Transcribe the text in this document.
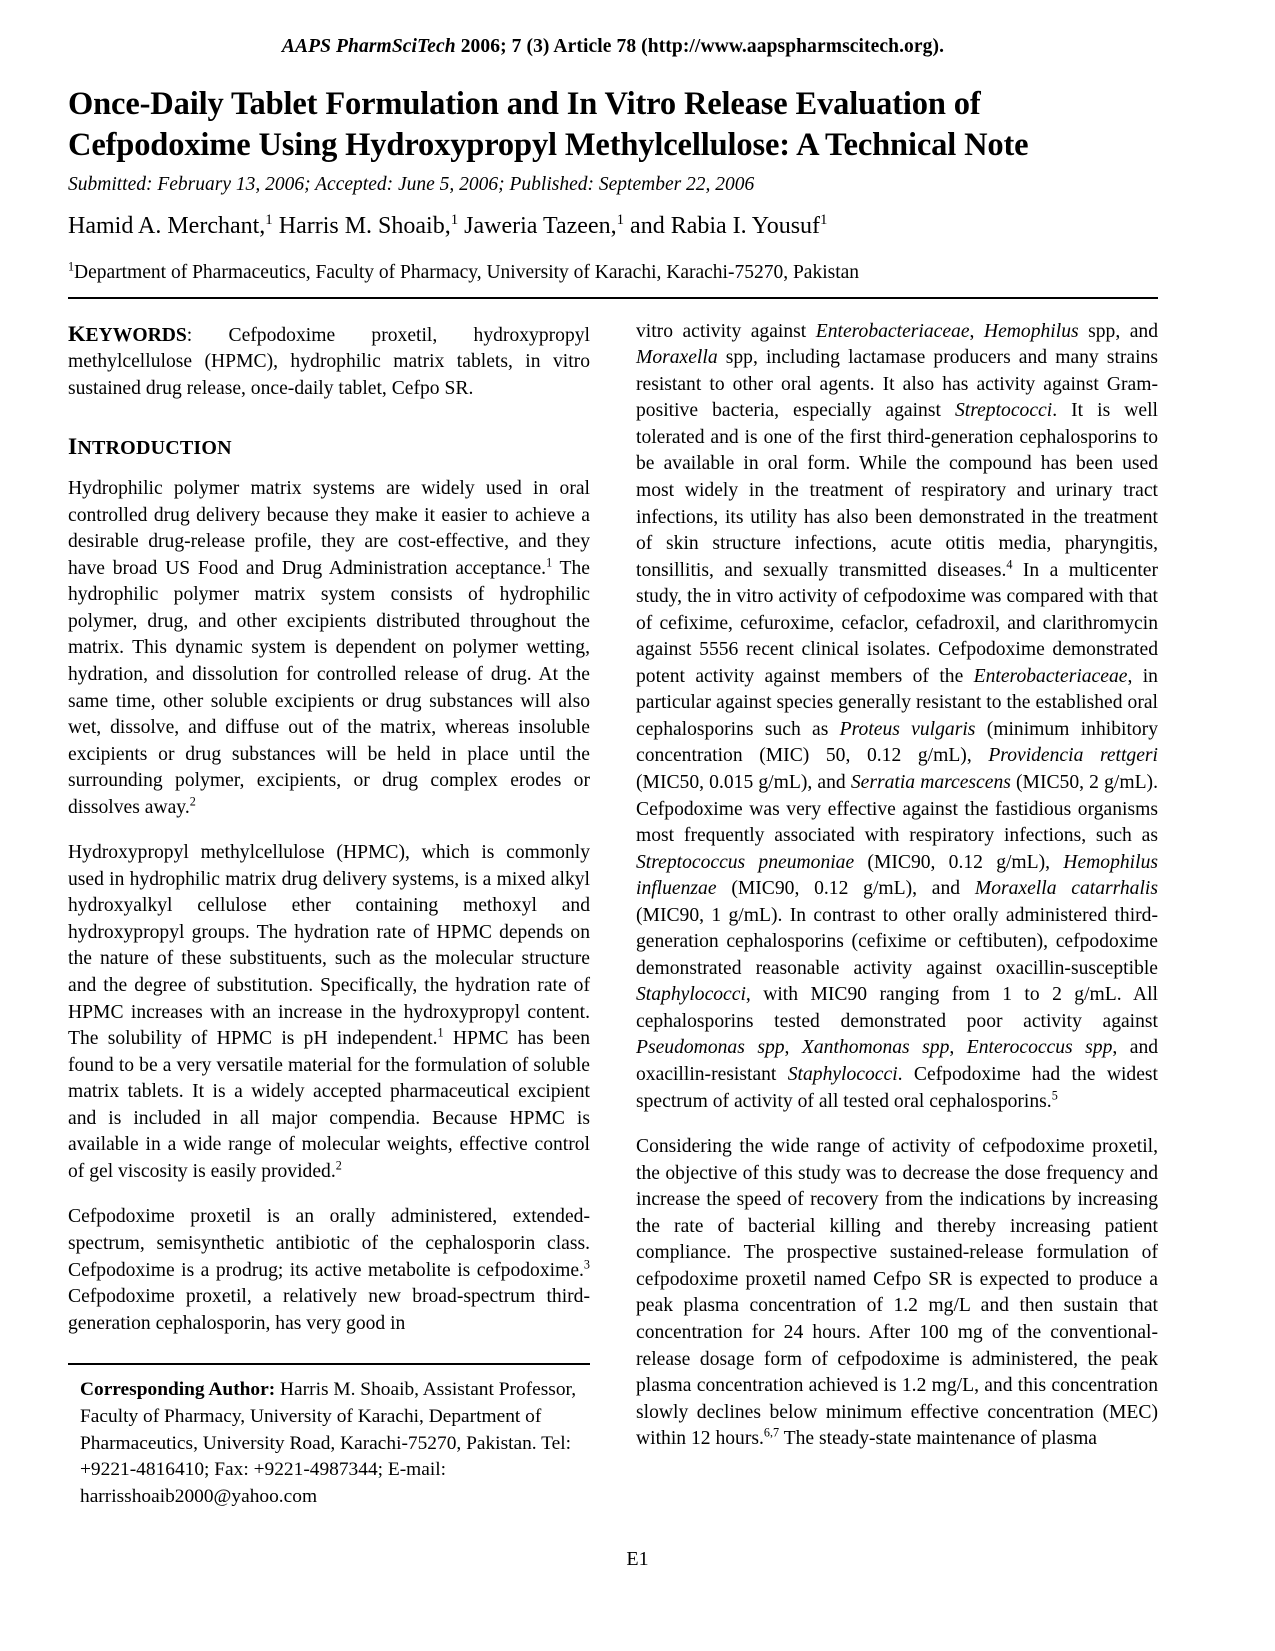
AAPS PharmSciTech 2006; 7 (3) Article 78 (http://www.aapspharmscitech.org).
Once-Daily Tablet Formulation and In Vitro Release Evaluation of Cefpodoxime Using Hydroxypropyl Methylcellulose: A Technical Note
Submitted: February 13, 2006; Accepted: June 5, 2006; Published: September 22, 2006
Hamid A. Merchant,$^1$ Harris M. Shoaib,$^1$ Jaweria Tazeen,$^1$ and Rabia I. Yousuf$^1$
$^1$Department of Pharmaceutics, Faculty of Pharmacy, University of Karachi, Karachi-75270, Pakistan

KEYWORDS: Cefpodoxime proxetil, hydroxypropyl methylcellulose (HPMC), hydrophilic matrix tablets, in vitro sustained drug release, once-daily tablet, Cefpo SR.

INTRODUCTION

Hydrophilic polymer matrix systems are widely used in oral controlled drug delivery because they make it easier to achieve a desirable drug-release profile, they are cost-effective, and they have broad US Food and Drug Administration acceptance.$^1$ The hydrophilic polymer matrix system consists of hydrophilic polymer, drug, and other excipients distributed throughout the matrix. This dynamic system is dependent on polymer wetting, hydration, and dissolution for controlled release of drug. At the same time, other soluble excipients or drug substances will also wet, dissolve, and diffuse out of the matrix, whereas insoluble excipients or drug substances will be held in place until the surrounding polymer, excipients, or drug complex erodes or dissolves away.$^2$

Hydroxypropyl methylcellulose (HPMC), which is commonly used in hydrophilic matrix drug delivery systems, is a mixed alkyl hydroxyalkyl cellulose ether containing methoxyl and hydroxypropyl groups. The hydration rate of HPMC depends on the nature of these substituents, such as the molecular structure and the degree of substitution. Specifically, the hydration rate of HPMC increases with an increase in the hydroxypropyl content. The solubility of HPMC is pH independent.$^1$ HPMC has been found to be a very versatile material for the formulation of soluble matrix tablets. It is a widely accepted pharmaceutical excipient and is included in all major compendia. Because HPMC is available in a wide range of molecular weights, effective control of gel viscosity is easily provided.$^2$

Cefpodoxime proxetil is an orally administered, extended-spectrum, semisynthetic antibiotic of the cephalosporin class. Cefpodoxime is a prodrug; its active metabolite is cefpodoxime.$^3$ Cefpodoxime proxetil, a relatively new broad-spectrum third-generation cephalosporin, has very good in

Corresponding Author: Harris M. Shoaib, Assistant Professor, Faculty of Pharmacy, University of Karachi, Department of Pharmaceutics, University Road, Karachi-75270, Pakistan. Tel: +9221-4816410; Fax: +9221-4987344; E-mail: harrisshoaib2000@yahoo.com

vitro activity against Enterobacteriaceae, Hemophilus spp, and Moraxella spp, including lactamase producers and many strains resistant to other oral agents. It also has activity against Gram-positive bacteria, especially against Streptococci. It is well tolerated and is one of the first third-generation cephalosporins to be available in oral form. While the compound has been used most widely in the treatment of respiratory and urinary tract infections, its utility has also been demonstrated in the treatment of skin structure infections, acute otitis media, pharyngitis, tonsillitis, and sexually transmitted diseases.$^4$ In a multicenter study, the in vitro activity of cefpodoxime was compared with that of cefixime, cefuroxime, cefaclor, cefadroxil, and clarithromycin against 5556 recent clinical isolates. Cefpodoxime demonstrated potent activity against members of the Enterobacteriaceae, in particular against species generally resistant to the established oral cephalosporins such as Proteus vulgaris (minimum inhibitory concentration (MIC) 50, 0.12 g/mL), Providencia rettgeri (MIC50, 0.015 g/mL), and Serratia marcescens (MIC50, 2 g/mL). Cefpodoxime was very effective against the fastidious organisms most frequently associated with respiratory infections, such as Streptococcus pneumoniae (MIC90, 0.12 g/mL), Hemophilus influenzae (MIC90, 0.12 g/mL), and Moraxella catarrhalis (MIC90, 1 g/mL). In contrast to other orally administered third-generation cephalosporins (cefixime or ceftibuten), cefpodoxime demonstrated reasonable activity against oxacillin-susceptible Staphylococci, with MIC90 ranging from 1 to 2 g/mL. All cephalosporins tested demonstrated poor activity against Pseudomonas spp, Xanthomonas spp, Enterococcus spp, and oxacillin-resistant Staphylococci. Cefpodoxime had the widest spectrum of activity of all tested oral cephalosporins.$^5$

Considering the wide range of activity of cefpodoxime proxetil, the objective of this study was to decrease the dose frequency and increase the speed of recovery from the indications by increasing the rate of bacterial killing and thereby increasing patient compliance. The prospective sustained-release formulation of cefpodoxime proxetil named Cefpo SR is expected to produce a peak plasma concentration of 1.2 mg/L and then sustain that concentration for 24 hours. After 100 mg of the conventional-release dosage form of cefpodoxime is administered, the peak plasma concentration achieved is 1.2 mg/L, and this concentration slowly declines below minimum effective concentration (MEC) within 12 hours.$^{6,7}$ The steady-state maintenance of plasma

E1
